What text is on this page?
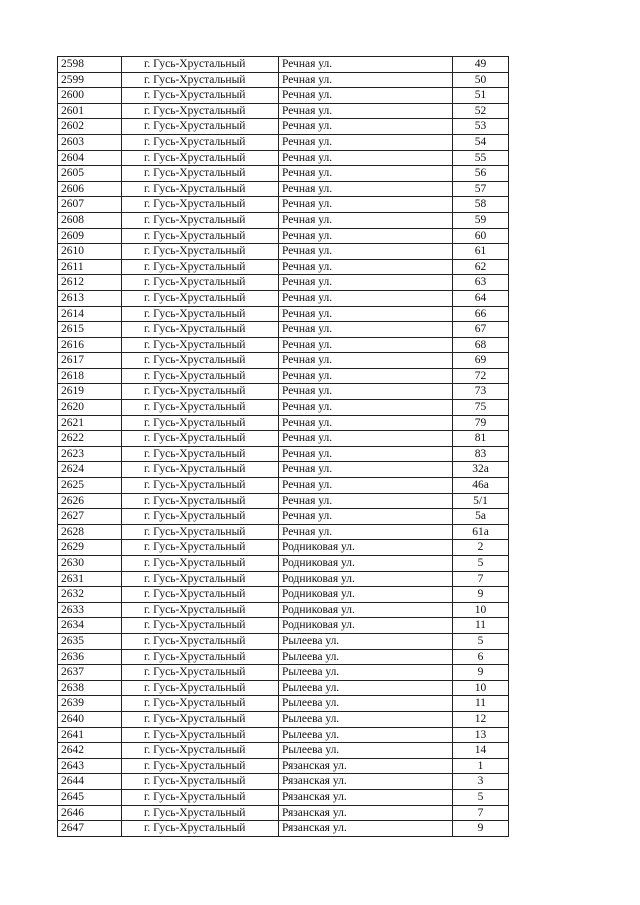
2598	г. Гусь-Хрустальный	Речная ул.	49
2599	г. Гусь-Хрустальный	Речная ул.	50
2600	г. Гусь-Хрустальный	Речная ул.	51
2601	г. Гусь-Хрустальный	Речная ул.	52
2602	г. Гусь-Хрустальный	Речная ул.	53
2603	г. Гусь-Хрустальный	Речная ул.	54
2604	г. Гусь-Хрустальный	Речная ул.	55
2605	г. Гусь-Хрустальный	Речная ул.	56
2606	г. Гусь-Хрустальный	Речная ул.	57
2607	г. Гусь-Хрустальный	Речная ул.	58
2608	г. Гусь-Хрустальный	Речная ул.	59
2609	г. Гусь-Хрустальный	Речная ул.	60
2610	г. Гусь-Хрустальный	Речная ул.	61
2611	г. Гусь-Хрустальный	Речная ул.	62
2612	г. Гусь-Хрустальный	Речная ул.	63
2613	г. Гусь-Хрустальный	Речная ул.	64
2614	г. Гусь-Хрустальный	Речная ул.	66
2615	г. Гусь-Хрустальный	Речная ул.	67
2616	г. Гусь-Хрустальный	Речная ул.	68
2617	г. Гусь-Хрустальный	Речная ул.	69
2618	г. Гусь-Хрустальный	Речная ул.	72
2619	г. Гусь-Хрустальный	Речная ул.	73
2620	г. Гусь-Хрустальный	Речная ул.	75
2621	г. Гусь-Хрустальный	Речная ул.	79
2622	г. Гусь-Хрустальный	Речная ул.	81
2623	г. Гусь-Хрустальный	Речная ул.	83
2624	г. Гусь-Хрустальный	Речная ул.	32а
2625	г. Гусь-Хрустальный	Речная ул.	46а
2626	г. Гусь-Хрустальный	Речная ул.	5/1
2627	г. Гусь-Хрустальный	Речная ул.	5а
2628	г. Гусь-Хрустальный	Речная ул.	61а
2629	г. Гусь-Хрустальный	Родниковая ул.	2
2630	г. Гусь-Хрустальный	Родниковая ул.	5
2631	г. Гусь-Хрустальный	Родниковая ул.	7
2632	г. Гусь-Хрустальный	Родниковая ул.	9
2633	г. Гусь-Хрустальный	Родниковая ул.	10
2634	г. Гусь-Хрустальный	Родниковая ул.	11
2635	г. Гусь-Хрустальный	Рылеева ул.	5
2636	г. Гусь-Хрустальный	Рылеева ул.	6
2637	г. Гусь-Хрустальный	Рылеева ул.	9
2638	г. Гусь-Хрустальный	Рылеева ул.	10
2639	г. Гусь-Хрустальный	Рылеева ул.	11
2640	г. Гусь-Хрустальный	Рылеева ул.	12
2641	г. Гусь-Хрустальный	Рылеева ул.	13
2642	г. Гусь-Хрустальный	Рылеева ул.	14
2643	г. Гусь-Хрустальный	Рязанская ул.	1
2644	г. Гусь-Хрустальный	Рязанская ул.	3
2645	г. Гусь-Хрустальный	Рязанская ул.	5
2646	г. Гусь-Хрустальный	Рязанская ул.	7
2647	г. Гусь-Хрустальный	Рязанская ул.	9
